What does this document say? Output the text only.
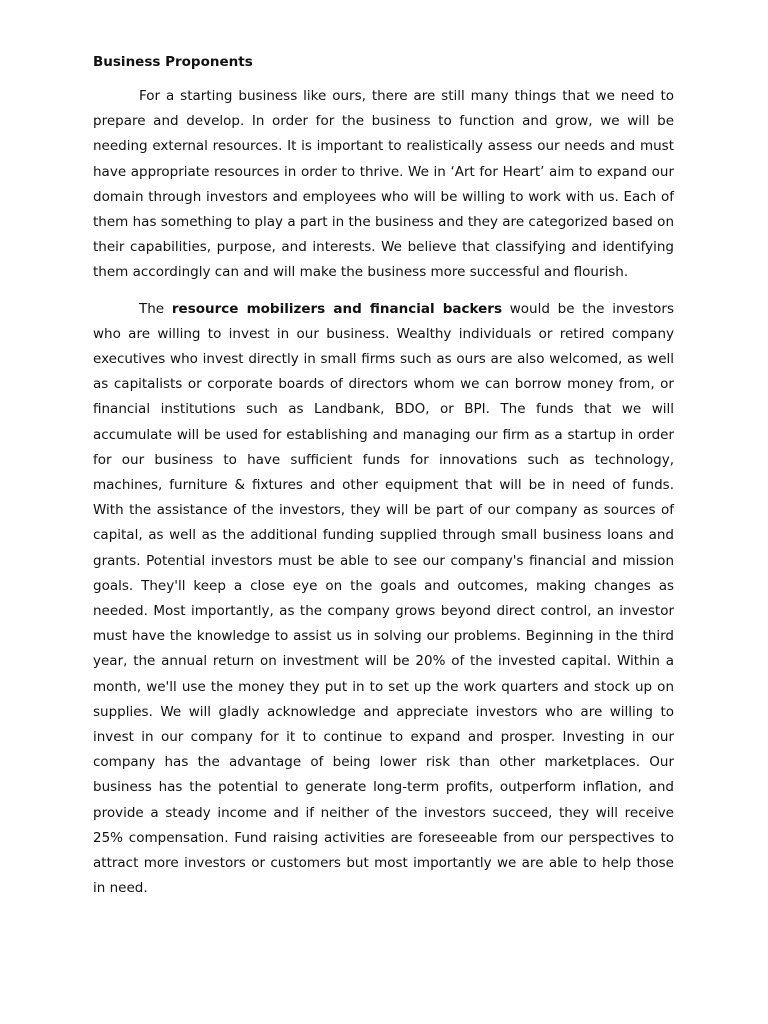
Business Proponents

For a starting business like ours, there are still many things that we need to prepare and develop. In order for the business to function and grow, we will be needing external resources. It is important to realistically assess our needs and must have appropriate resources in order to thrive. We in ‘Art for Heart’ aim to expand our domain through investors and employees who will be willing to work with us. Each of them has something to play a part in the business and they are categorized based on their capabilities, purpose, and interests. We believe that classifying and identifying them accordingly can and will make the business more successful and flourish.

The resource mobilizers and financial backers would be the investors who are willing to invest in our business. Wealthy individuals or retired company executives who invest directly in small firms such as ours are also welcomed, as well as capitalists or corporate boards of directors whom we can borrow money from, or financial institutions such as Landbank, BDO, or BPI. The funds that we will accumulate will be used for establishing and managing our firm as a startup in order for our business to have sufficient funds for innovations such as technology, machines, furniture & fixtures and other equipment that will be in need of funds. With the assistance of the investors, they will be part of our company as sources of capital, as well as the additional funding supplied through small business loans and grants. Potential investors must be able to see our company's financial and mission goals. They'll keep a close eye on the goals and outcomes, making changes as needed. Most importantly, as the company grows beyond direct control, an investor must have the knowledge to assist us in solving our problems. Beginning in the third year, the annual return on investment will be 20% of the invested capital. Within a month, we'll use the money they put in to set up the work quarters and stock up on supplies. We will gladly acknowledge and appreciate investors who are willing to invest in our company for it to continue to expand and prosper. Investing in our company has the advantage of being lower risk than other marketplaces. Our business has the potential to generate long-term profits, outperform inflation, and provide a steady income and if neither of the investors succeed, they will receive 25% compensation. Fund raising activities are foreseeable from our perspectives to attract more investors or customers but most importantly we are able to help those in need.
